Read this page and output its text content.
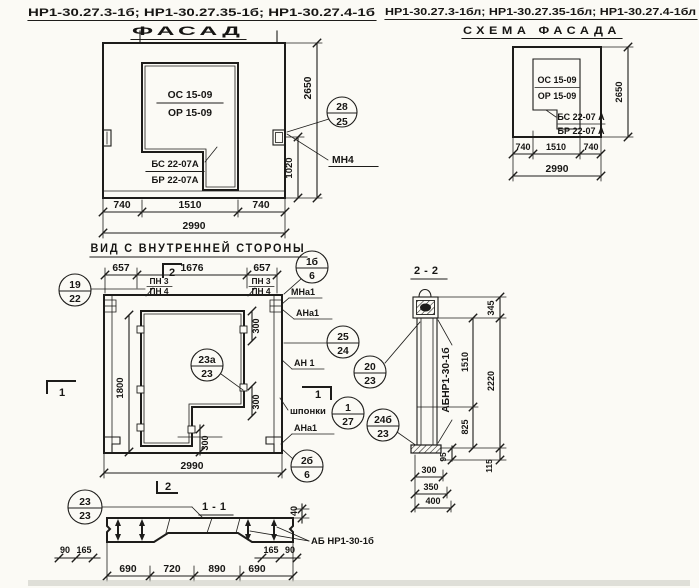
НР1-30.27.3-1б; НР1-30.27.35-1б; НР1-30.27.4-1б
ФАСАД
ОС 15-09
ОР 15-09
БС 22-07А
БР 22-07А
2650
1020
28
25
МН4
740	1510	740
2990
НР1-30.27.3-1бл; НР1-30.27.35-1бл; НР1-30.27.4-1бл
СХЕМА ФАСАДА
ОС 15-09
ОР 15-09
БС 22-07 А
БР 22-07 А
2650
740 1510 740
2990
ВИД С ВНУТРЕННЕЙ СТОРОНЫ
657	1676	657
2
ПН 3
ПН 4
ПН 3
ПН 4
300
300
300
1800
2990
2
1	1
19
22
1б
6
МНа1
АНа1
25
24
АН 1
23а
23
шпонки 1
27
20
23
24б
23
АНа1
2б
6
2-2
АБНР1-30-1б 1510
825
345
2220
115
95
300
350
400
23
23
1-1	40
90 165	165 90
690	720	890 690
АБ НР1-30-1б
